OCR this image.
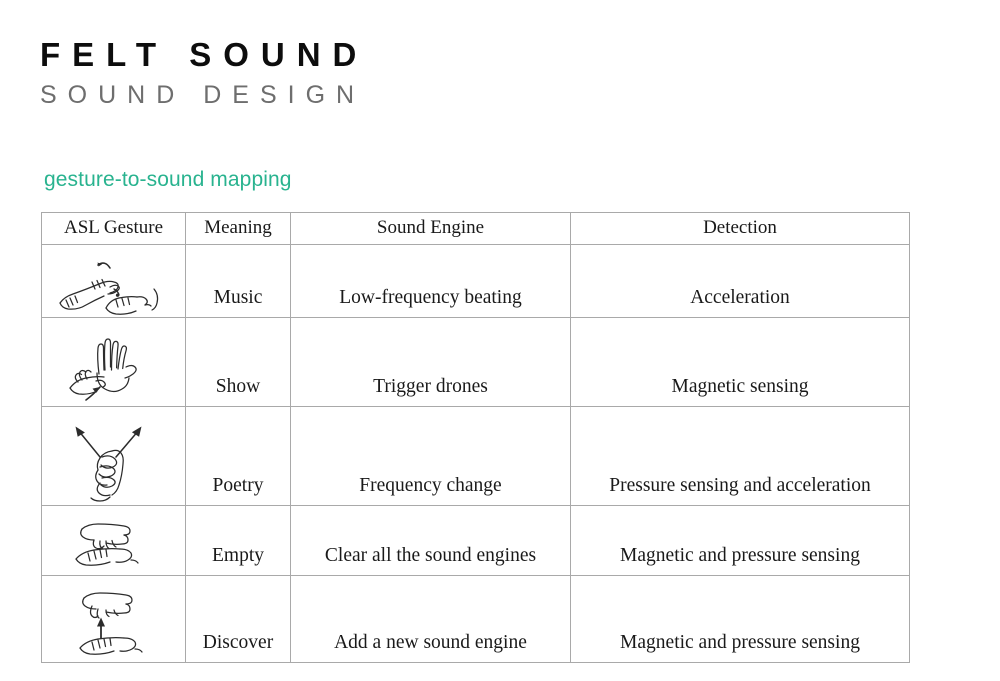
FELT SOUND
SOUND DESIGN
gesture-to-sound mapping
ASL Gesture	Meaning	Sound Engine	Detection

	Music	Low-frequency beating	Acceleration

	Show	Trigger drones	Magnetic sensing

	Poetry	Frequency change	Pressure sensing and acceleration

	Empty	Clear all the sound engines	Magnetic and pressure sensing

	Discover	Add a new sound engine	Magnetic and pressure sensing
